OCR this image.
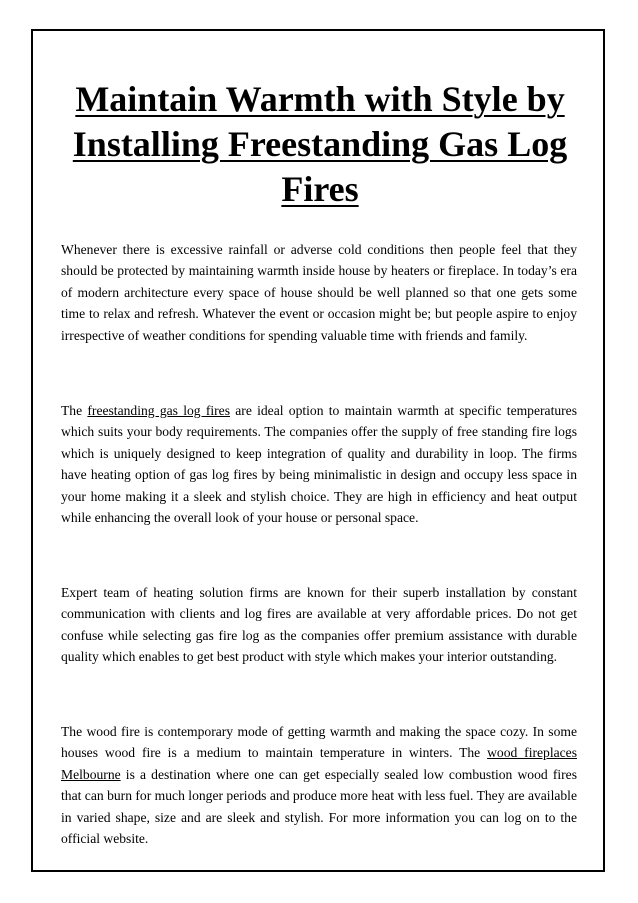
Maintain Warmth with Style by Installing Freestanding Gas Log Fires

Whenever there is excessive rainfall or adverse cold conditions then people feel that they should be protected by maintaining warmth inside house by heaters or fireplace. In today’s era of modern architecture every space of house should be well planned so that one gets some time to relax and refresh. Whatever the event or occasion might be; but people aspire to enjoy irrespective of weather conditions for spending valuable time with friends and family.

The freestanding gas log fires are ideal option to maintain warmth at specific temperatures which suits your body requirements. The companies offer the supply of free standing fire logs which is uniquely designed to keep integration of quality and durability in loop. The firms have heating option of gas log fires by being minimalistic in design and occupy less space in your home making it a sleek and stylish choice. They are high in efficiency and heat output while enhancing the overall look of your house or personal space.

Expert team of heating solution firms are known for their superb installation by constant communication with clients and log fires are available at very affordable prices. Do not get confuse while selecting gas fire log as the companies offer premium assistance with durable quality which enables to get best product with style which makes your interior outstanding.

The wood fire is contemporary mode of getting warmth and making the space cozy. In some houses wood fire is a medium to maintain temperature in winters. The wood fireplaces Melbourne is a destination where one can get especially sealed low combustion wood fires that can burn for much longer periods and produce more heat with less fuel. They are available in varied shape, size and are sleek and stylish. For more information you can log on to the official website.
